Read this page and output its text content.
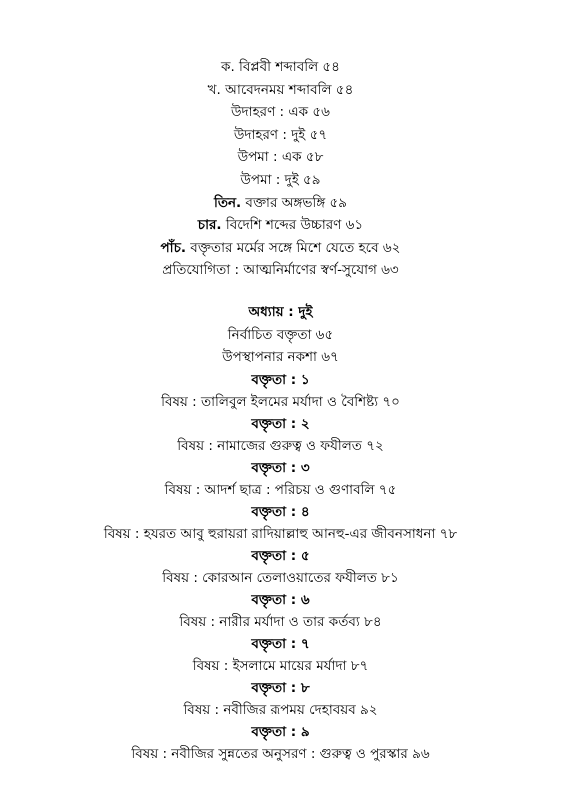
ক. বিপ্লবী শব্দাবলি ৫৪
খ. আবেদনময় শব্দাবলি ৫৪
উদাহরণ : এক ৫৬
উদাহরণ : দুই ৫৭
উপমা : এক ৫৮
উপমা : দুই ৫৯
তিন. বক্তার অঙ্গভঙ্গি ৫৯
চার. বিদেশি শব্দের উচ্চারণ ৬১
পাঁচ. বক্তৃতার মর্মের সঙ্গে মিশে যেতে হবে ৬২
প্রতিযোগিতা : আত্মনির্মাণের স্বর্ণ-সুযোগ ৬৩
অধ্যায় : দুই
নির্বাচিত বক্তৃতা ৬৫
উপস্থাপনার নকশা ৬৭
বক্তৃতা : ১
বিষয় : তালিবুল ইলমের মর্যাদা ও বৈশিষ্ট্য ৭০
বক্তৃতা : ২
বিষয় : নামাজের গুরুত্ব ও ফযীলত ৭২
বক্তৃতা : ৩
বিষয় : আদর্শ ছাত্র : পরিচয় ও গুণাবলি ৭৫
বক্তৃতা : ৪
বিষয় : হযরত আবু হুরায়রা রাদিয়াল্লাহু আনহু-এর জীবনসাধনা ৭৮
বক্তৃতা : ৫
বিষয় : কোরআন তেলাওয়াতের ফযীলত ৮১
বক্তৃতা : ৬
বিষয় : নারীর মর্যাদা ও তার কর্তব্য ৮৪
বক্তৃতা : ৭
বিষয় : ইসলামে মায়ের মর্যাদা ৮৭
বক্তৃতা : ৮
বিষয় : নবীজির রূপময় দেহাবয়ব ৯২
বক্তৃতা : ৯
বিষয় : নবীজির সুন্নতের অনুসরণ : গুরুত্ব ও পুরস্কার ৯৬
